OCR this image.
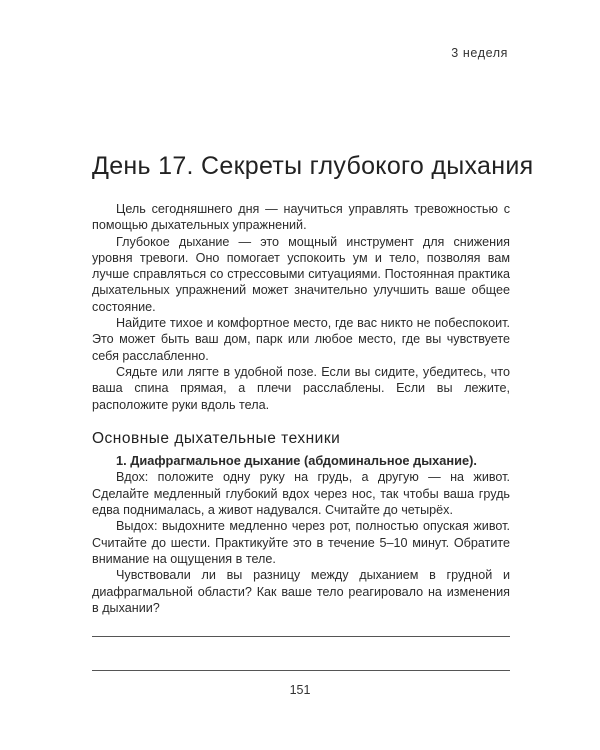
3 неделя
День 17. Секреты глубокого дыхания

Цель сегодняшнего дня — научиться управлять тревожностью с помощью дыхательных упражнений.

Глубокое дыхание — это мощный инструмент для снижения уровня тревоги. Оно помогает успокоить ум и тело, позволяя вам лучше справляться со стрессовыми ситуациями. Постоянная практика дыхательных упражнений может значительно улучшить ваше общее состояние.

Найдите тихое и комфортное место, где вас никто не побеспокоит. Это может быть ваш дом, парк или любое место, где вы чувствуете себя расслабленно.

Сядьте или лягте в удобной позе. Если вы сидите, убедитесь, что ваша спина прямая, а плечи расслаблены. Если вы лежите, расположите руки вдоль тела.

Основные дыхательные техники

1. Диафрагмальное дыхание (абдоминальное дыхание).

Вдох: положите одну руку на грудь, а другую — на живот. Сделайте медленный глубокий вдох через нос, так чтобы ваша грудь едва поднималась, а живот надувался. Считайте до четырёх.

Выдох: выдохните медленно через рот, полностью опуская живот. Считайте до шести. Практикуйте это в течение 5–10 минут. Обратите внимание на ощущения в теле.

Чувствовали ли вы разницу между дыханием в грудной и диафрагмальной области? Как ваше тело реагировало на изменения в дыхании?

151
